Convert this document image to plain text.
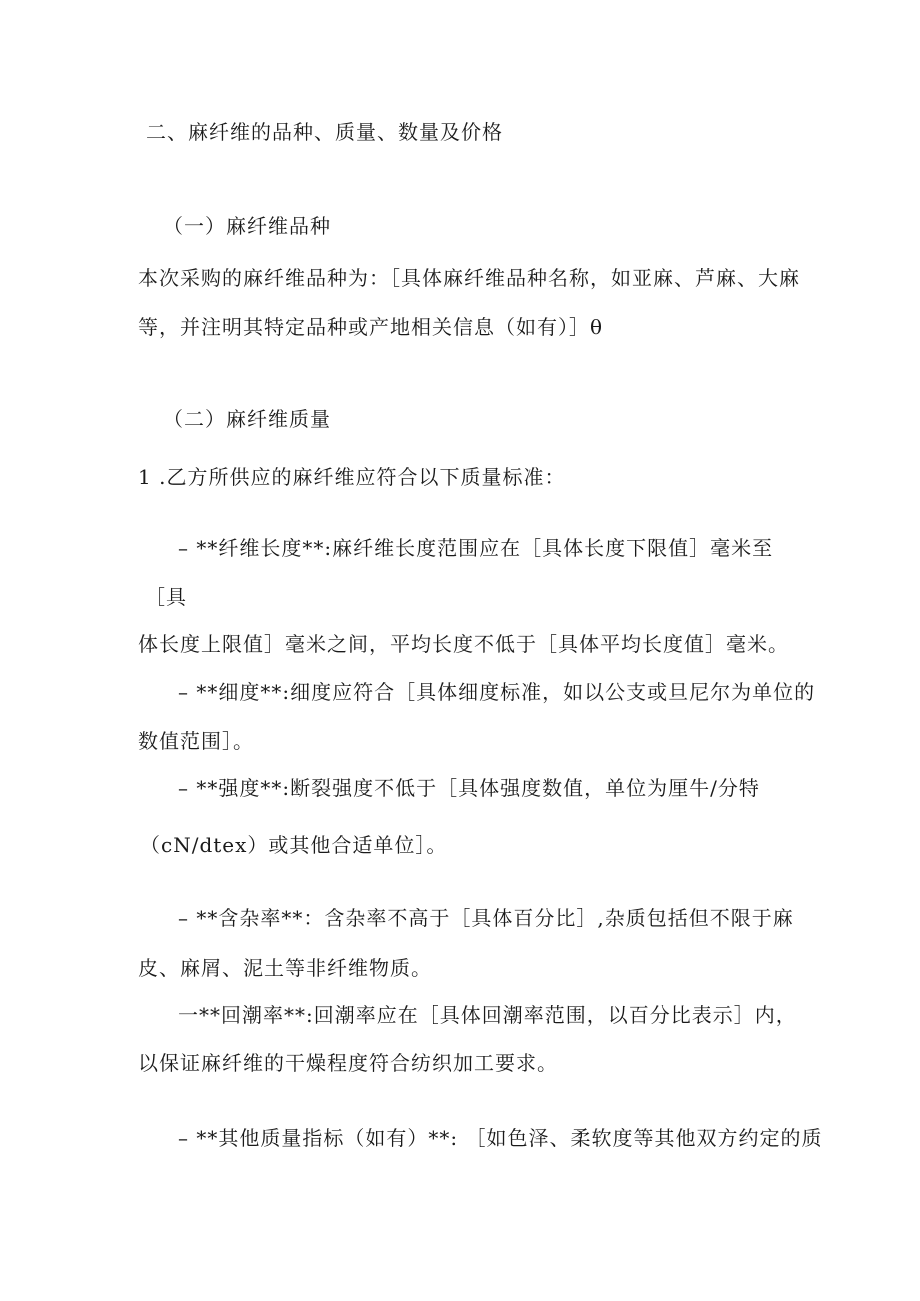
二、麻纤维的品种、质量、数量及价格

（一）麻纤维品种

本次采购的麻纤维品种为：［具体麻纤维品种名称，如亚麻、芦麻、大麻

等，并注明其特定品种或产地相关信息（如有）］θ

（二）麻纤维质量

1 .乙方所供应的麻纤维应符合以下质量标准：

– **纤维长度**:麻纤维长度范围应在［具体长度下限值］毫米至

［具

体长度上限值］毫米之间，平均长度不低于［具体平均长度值］毫米。

– **细度**:细度应符合［具体细度标准，如以公支或旦尼尔为单位的

数值范围］。

– **强度**:断裂强度不低于［具体强度数值，单位为厘牛/分特

（cN/dtex）或其他合适单位］。

– **含杂率**：含杂率不高于［具体百分比］,杂质包括但不限于麻

皮、麻屑、泥土等非纤维物质。

一**回潮率**:回潮率应在［具体回潮率范围，以百分比表示］内，

以保证麻纤维的干燥程度符合纺织加工要求。

– **其他质量指标（如有）**: ［如色泽、柔软度等其他双方约定的质
